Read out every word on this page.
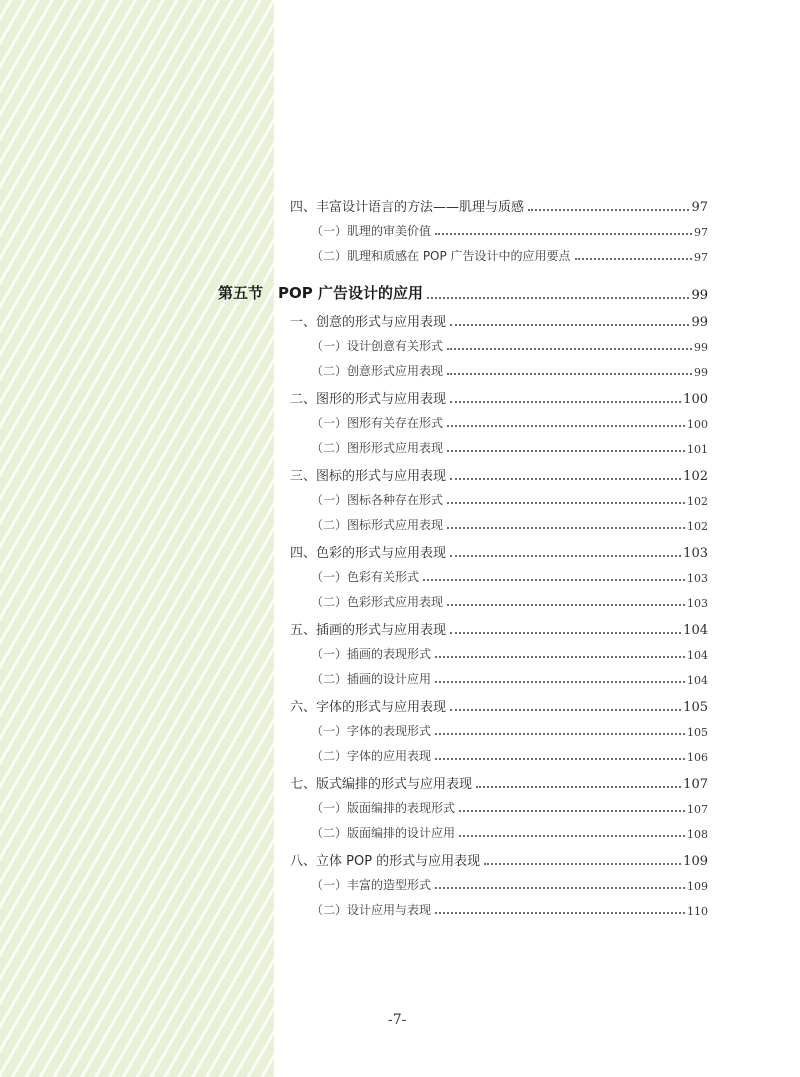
四、丰富设计语言的方法——肌理与质感	97
（一）肌理的审美价值	97
（二）肌理和质感在 POP 广告设计中的应用要点	97
第五节　POP 广告设计的应用	99
一、创意的形式与应用表现	99
（一）设计创意有关形式	99
（二）创意形式应用表现	99
二、图形的形式与应用表现	100
（一）图形有关存在形式	100
（二）图形形式应用表现	101
三、图标的形式与应用表现	102
（一）图标各种存在形式	102
（二）图标形式应用表现	102
四、色彩的形式与应用表现	103
（一）色彩有关形式	103
（二）色彩形式应用表现	103
五、插画的形式与应用表现	104
（一）插画的表现形式	104
（二）插画的设计应用	104
六、字体的形式与应用表现	105
（一）字体的表现形式	105
（二）字体的应用表现	106
七、版式编排的形式与应用表现	107
（一）版面编排的表现形式	107
（二）版面编排的设计应用	108
八、立体 POP 的形式与应用表现	109
（一）丰富的造型形式	109
（二）设计应用与表现	110
-7-
